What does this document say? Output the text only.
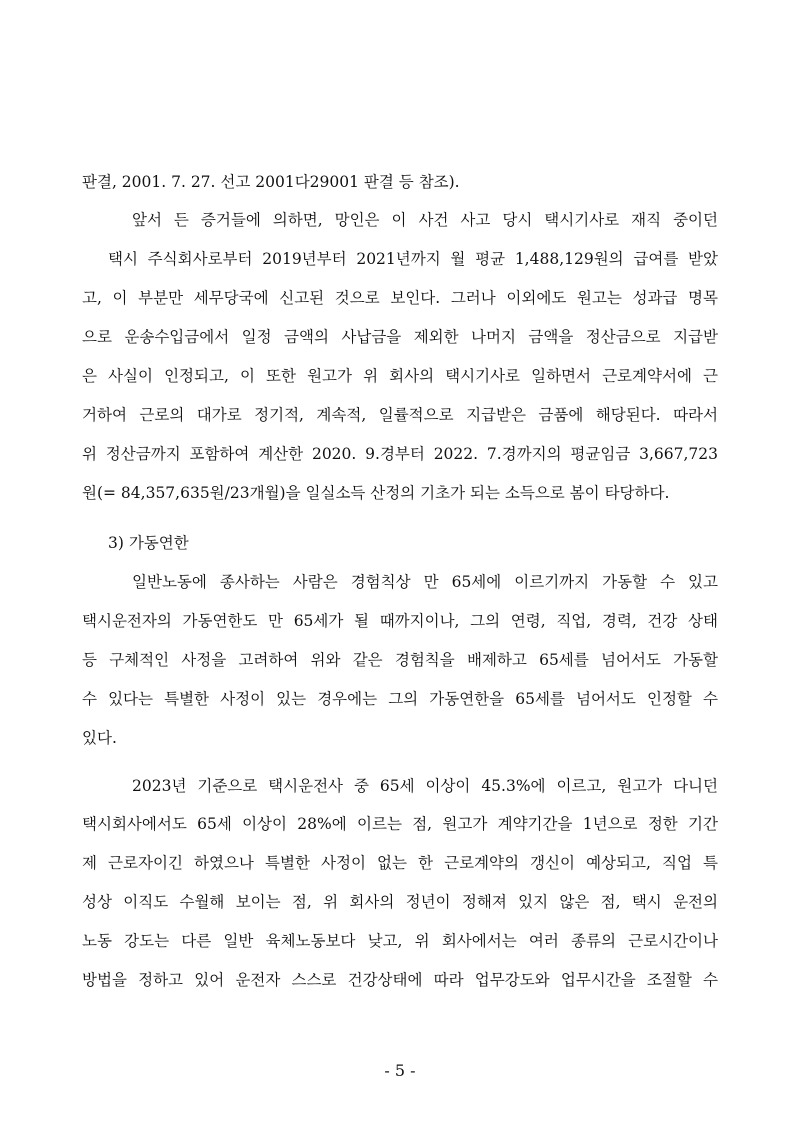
판결, 2001. 7. 27. 선고 2001다29001 판결 등 참조).
앞서 든 증거들에 의하면, 망인은 이 사건 사고 당시 택시기사로 재직 중이던
택시 주식회사로부터 2019년부터 2021년까지 월 평균 1,488,129원의 급여를 받았
고, 이 부분만 세무당국에 신고된 것으로 보인다. 그러나 이외에도 원고는 성과급 명목
으로 운송수입금에서 일정 금액의 사납금을 제외한 나머지 금액을 정산금으로 지급받
은 사실이 인정되고, 이 또한 원고가 위 회사의 택시기사로 일하면서 근로계약서에 근
거하여 근로의 대가로 정기적, 계속적, 일률적으로 지급받은 금품에 해당된다. 따라서
위 정산금까지 포함하여 계산한 2020. 9.경부터 2022. 7.경까지의 평균임금 3,667,723
원(= 84,357,635원/23개월)을 일실소득 산정의 기초가 되는 소득으로 봄이 타당하다.
3) 가동연한
일반노동에 종사하는 사람은 경험칙상 만 65세에 이르기까지 가동할 수 있고
택시운전자의 가동연한도 만 65세가 될 때까지이나, 그의 연령, 직업, 경력, 건강 상태
등 구체적인 사정을 고려하여 위와 같은 경험칙을 배제하고 65세를 넘어서도 가동할
수 있다는 특별한 사정이 있는 경우에는 그의 가동연한을 65세를 넘어서도 인정할 수
있다.
2023년 기준으로 택시운전사 중 65세 이상이 45.3%에 이르고, 원고가 다니던
택시회사에서도 65세 이상이 28%에 이르는 점, 원고가 계약기간을 1년으로 정한 기간
제 근로자이긴 하였으나 특별한 사정이 없는 한 근로계약의 갱신이 예상되고, 직업 특
성상 이직도 수월해 보이는 점, 위 회사의 정년이 정해져 있지 않은 점, 택시 운전의
노동 강도는 다른 일반 육체노동보다 낮고, 위 회사에서는 여러 종류의 근로시간이나
방법을 정하고 있어 운전자 스스로 건강상태에 따라 업무강도와 업무시간을 조절할 수
- 5 -
